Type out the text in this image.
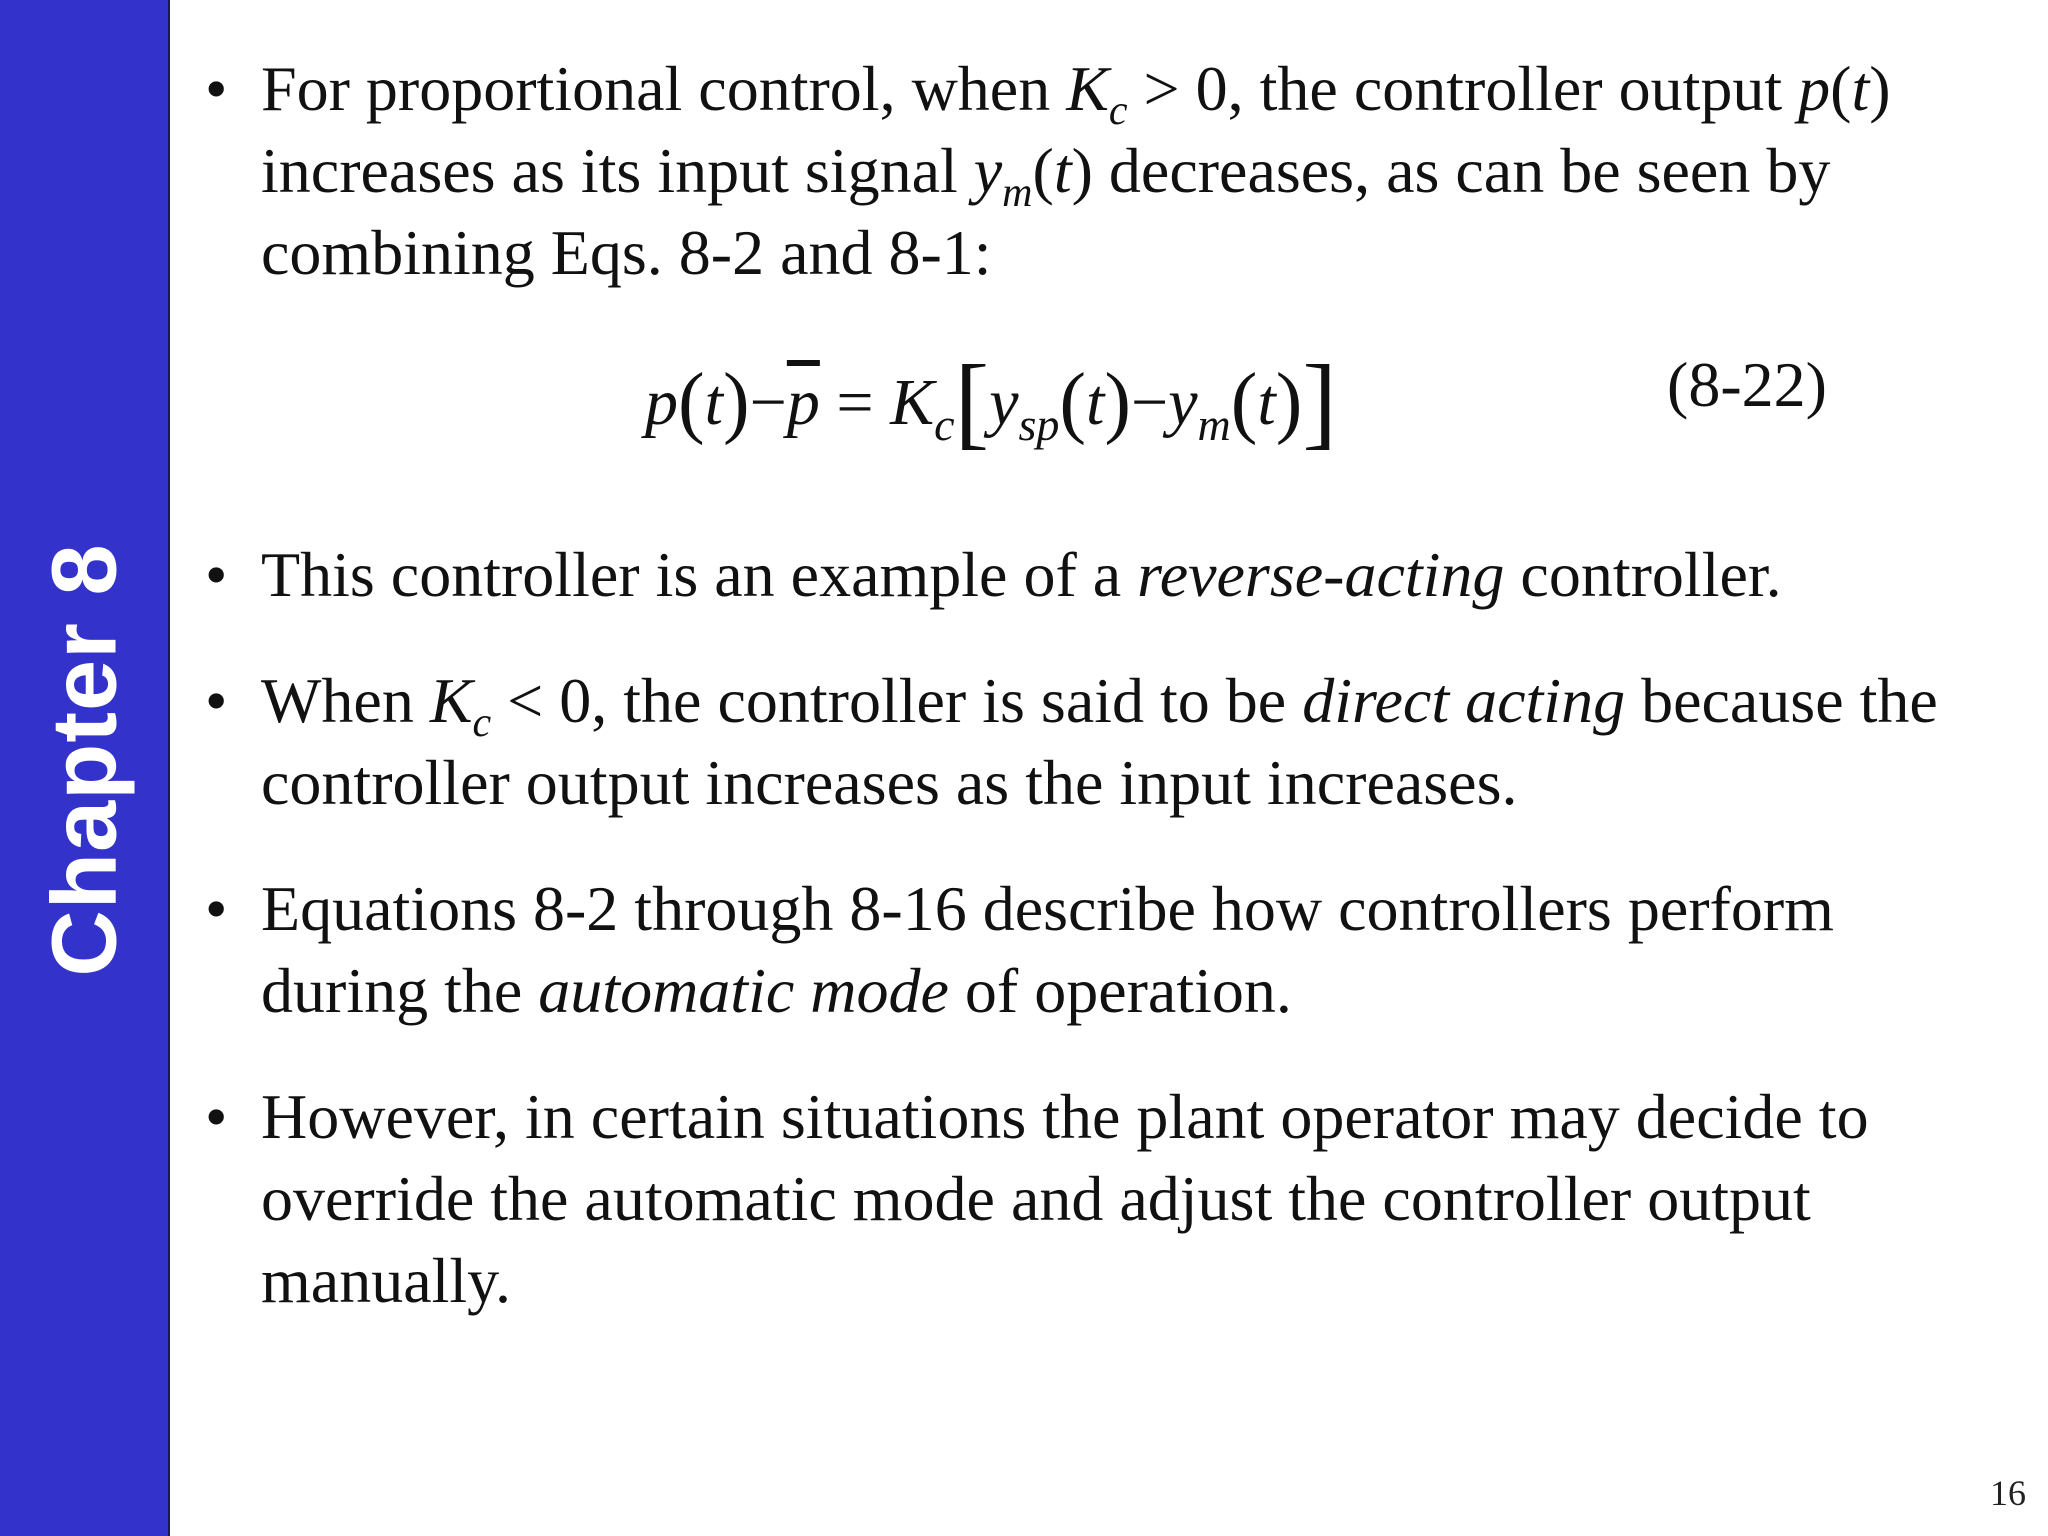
Chapter 8
• For proportional control, when $K_c > 0$, the controller output p(t) increases as its input signal $y_m(t)$ decreases, as can be seen by combining Eqs. 8-2 and 8-1:
$p(t)-\overline{p} = K_c[y_{sp}(t)-y_m(t)]$	(8-22)
• This controller is an example of a reverse-acting controller.
• When $K_c < 0$, the controller is said to be direct acting because the controller output increases as the input increases.
• Equations 8-2 through 8-16 describe how controllers perform during the automatic mode of operation.
• However, in certain situations the plant operator may decide to override the automatic mode and adjust the controller output manually.
16
